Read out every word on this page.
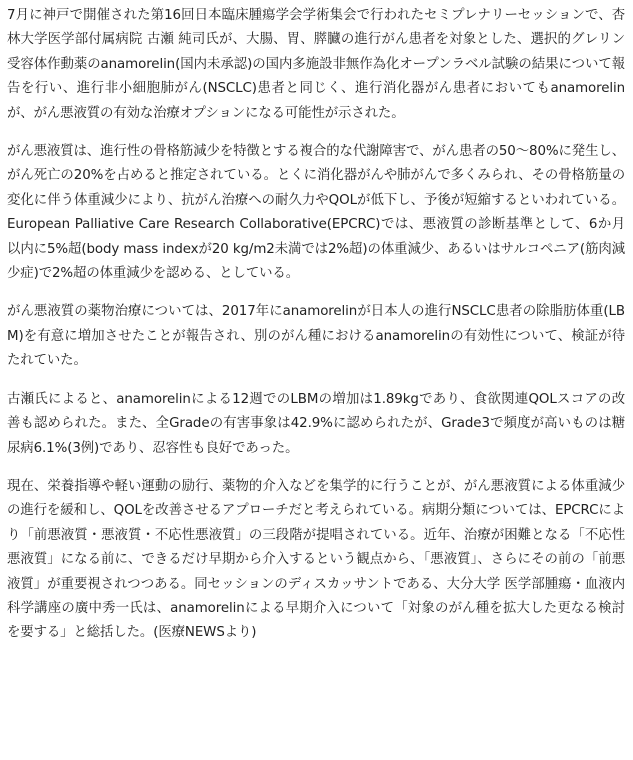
7月に神戸で開催された第16回日本臨床腫瘍学会学術集会で行われたセミプレナリーセッションで、杏林大学医学部付属病院 古瀬 純司氏が、大腸、胃、膵臓の進行がん患者を対象とした、選択的グレリン受容体作動薬のanamorelin(国内未承認)の国内多施設非無作為化オープンラベル試験の結果について報告を行い、進行非小細胞肺がん(NSCLC)患者と同じく、進行消化器がん患者においてもanamorelinが、がん悪液質の有効な治療オプションになる可能性が示された。

がん悪液質は、進行性の骨格筋減少を特徴とする複合的な代謝障害で、がん患者の50～80%に発生し、がん死亡の20%を占めると推定されている。とくに消化器がんや肺がんで多くみられ、その骨格筋量の変化に伴う体重減少により、抗がん治療への耐久力やQOLが低下し、予後が短縮するといわれている。European Palliative Care Research Collaborative(EPCRC)では、悪液質の診断基準として、6か月以内に5%超(body mass indexが20 kg/m2未満では2%超)の体重減少、あるいはサルコペニア(筋肉減少症)で2%超の体重減少を認める、としている。

がん悪液質の薬物治療については、2017年にanamorelinが日本人の進行NSCLC患者の除脂肪体重(LBM)を有意に増加させたことが報告され、別のがん種におけるanamorelinの有効性について、検証が待たれていた。

古瀬氏によると、anamorelinによる12週でのLBMの増加は1.89kgであり、食欲関連QOLスコアの改善も認められた。また、全Gradeの有害事象は42.9%に認められたが、Grade3で頻度が高いものは糖尿病6.1%(3例)であり、忍容性も良好であった。

現在、栄養指導や軽い運動の励行、薬物的介入などを集学的に行うことが、がん悪液質による体重減少の進行を緩和し、QOLを改善させるアプローチだと考えられている。病期分類については、EPCRCにより「前悪液質・悪液質・不応性悪液質」の三段階が提唱されている。近年、治療が困難となる「不応性悪液質」になる前に、できるだけ早期から介入するという観点から、「悪液質」、さらにその前の「前悪液質」が重要視されつつある。同セッションのディスカッサントである、大分大学 医学部腫瘍・血液内科学講座の廣中秀一氏は、anamorelinによる早期介入について「対象のがん種を拡大した更なる検討を要する」と総括した。(医療NEWSより)
